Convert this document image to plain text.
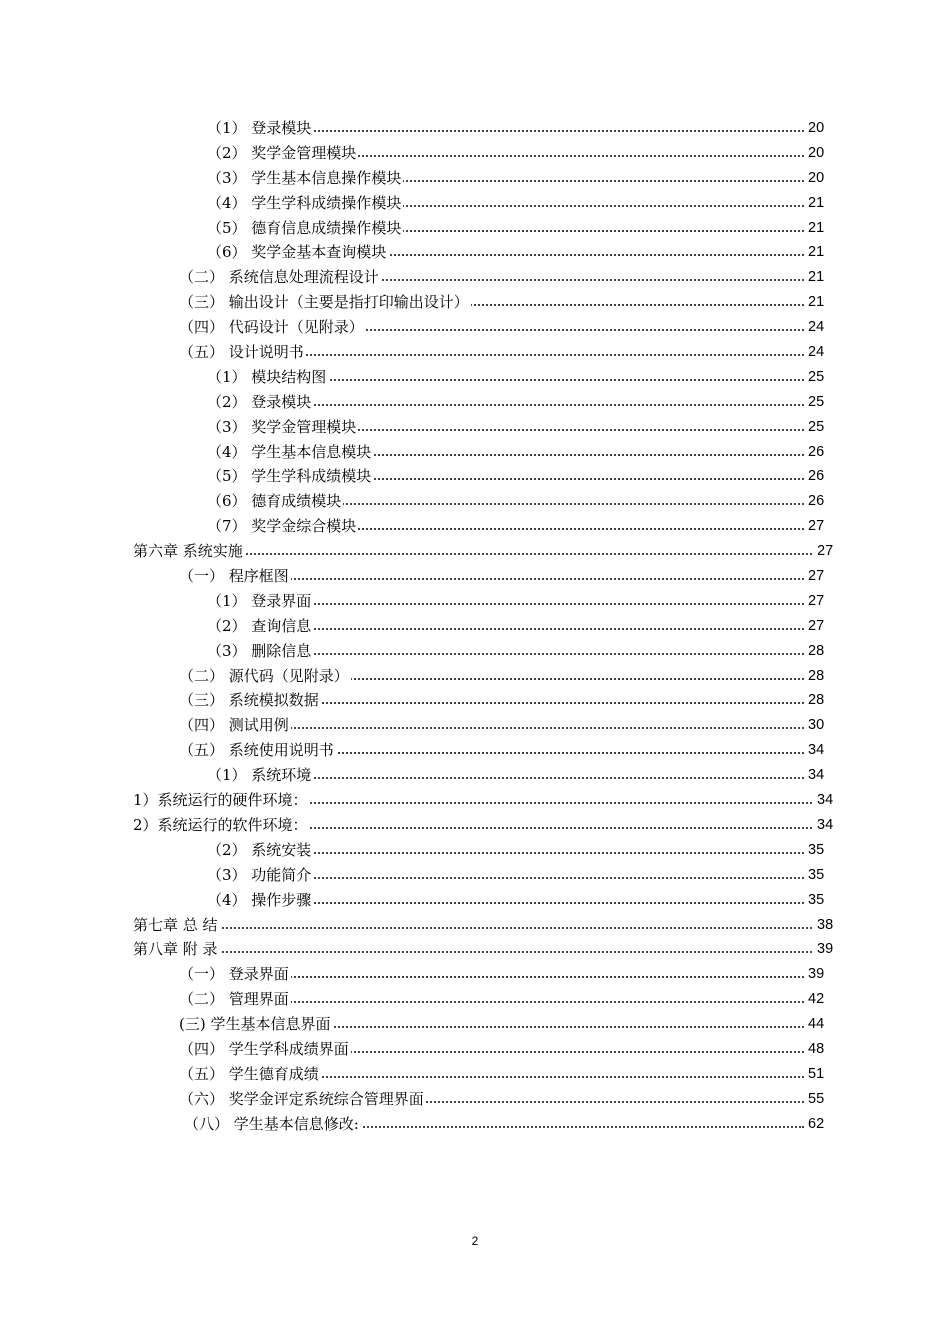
（1） 登录模块	20
（2） 奖学金管理模块	20
（3） 学生基本信息操作模块	20
（4） 学生学科成绩操作模块	21
（5） 德育信息成绩操作模块	21
（6） 奖学金基本查询模块	21
（二） 系统信息处理流程设计	21
（三） 输出设计（主要是指打印输出设计）	21
（四） 代码设计（见附录）	24
（五） 设计说明书	24
（1） 模块结构图	25
（2） 登录模块	25
（3） 奖学金管理模块	25
（4） 学生基本信息模块	26
（5） 学生学科成绩模块	26
（6） 德育成绩模块	26
（7） 奖学金综合模块	27
第六章 系统实施	27
（一） 程序框图	27
（1） 登录界面	27
（2） 查询信息	27
（3） 删除信息	28
（二） 源代码（见附录）	28
（三） 系统模拟数据	28
（四） 测试用例	30
（五） 系统使用说明书	34
（1） 系统环境	34
1）系统运行的硬件环境：	34
2）系统运行的软件环境：	34
（2） 系统安装	35
（3） 功能简介	35
（4） 操作步骤	35
第七章 总 结	38
第八章 附 录	39
（一） 登录界面	39
（二） 管理界面	42
(三) 学生基本信息界面	44
（四） 学生学科成绩界面	48
（五） 学生德育成绩	51
（六） 奖学金评定系统综合管理界面	55
（八） 学生基本信息修改:	62
2
